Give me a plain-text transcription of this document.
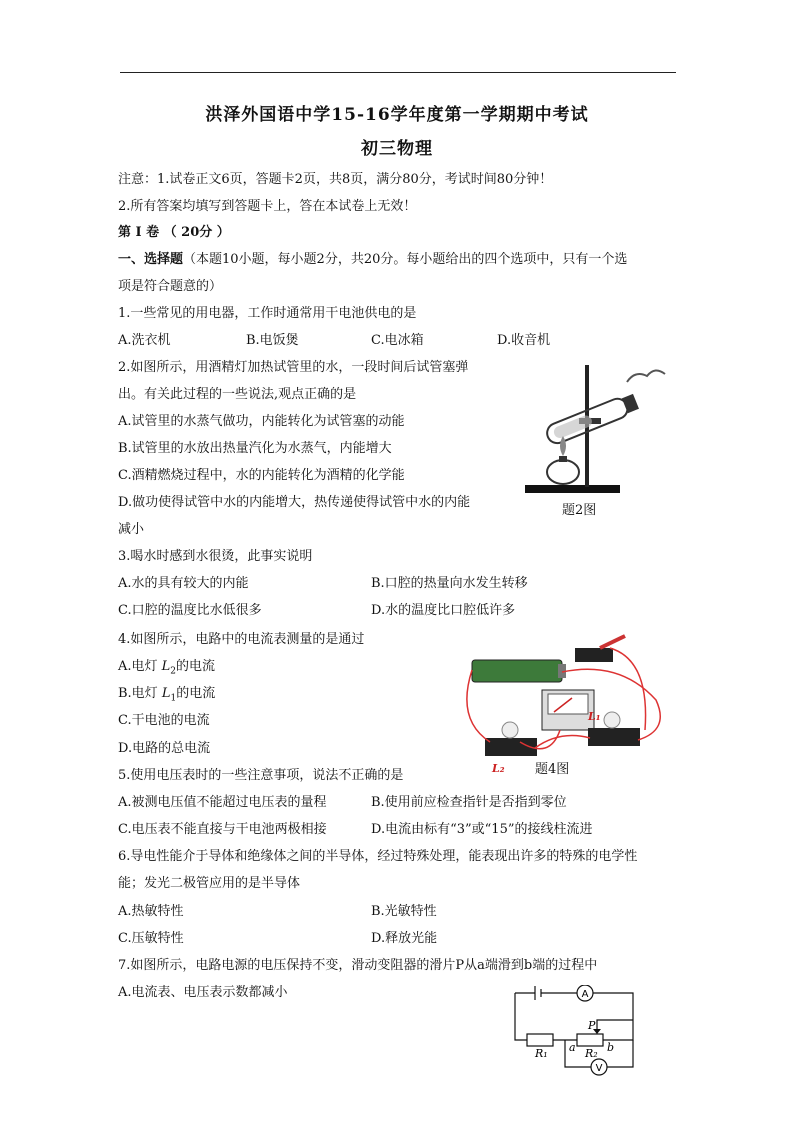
洪泽外国语中学15-16学年度第一学期期中考试
初三物理
注意：1.试卷正文6页，答题卡2页，共8页，满分80分，考试时间80分钟！
2.所有答案均填写到答题卡上，答在本试卷上无效！
第 Ⅰ 卷 （ 20分 ）
一、选择题（本题10小题，每小题2分，共20分。每小题给出的四个选项中，只有一个选
项是符合题意的）
1.一些常见的用电器，工作时通常用干电池供电的是
A.洗衣机	B.电饭煲	C.电冰箱	D.收音机
2.如图所示，用酒精灯加热试管里的水，一段时间后试管塞弹
出。有关此过程的一些说法,观点正确的是
A.试管里的水蒸气做功，内能转化为试管塞的动能
B.试管里的水放出热量汽化为水蒸气，内能增大
C.酒精燃烧过程中，水的内能转化为酒精的化学能
D.做功使得试管中水的内能增大，热传递使得试管中水的内能
减小
题2图
3.喝水时感到水很烫，此事实说明
A.水的具有较大的内能	B.口腔的热量向水发生转移
C.口腔的温度比水低很多	D.水的温度比口腔低许多
4.如图所示，电路中的电流表测量的是通过
A.电灯 $L_2$的电流
B.电灯 $L_1$的电流
C.干电池的电流
D.电路的总电流
L₁
L₂ 题4图
5.使用电压表时的一些注意事项，说法不正确的是
A.被测电压值不能超过电压表的量程	B.使用前应检查指针是否指到零位
C.电压表不能直接与干电池两极相接	D.电流由标有“3”或“15”的接线柱流进
6.导电性能介于导体和绝缘体之间的半导体，经过特殊处理，能表现出许多的特殊的电学性
能；发光二极管应用的是半导体
A.热敏特性	B.光敏特性
C.压敏特性	D.释放光能
7.如图所示，电路电源的电压保持不变，滑动变阻器的滑片P从a端滑到b端的过程中
A.电流表、电压表示数都减小	A
V
P
R₁	R₂
a	b
